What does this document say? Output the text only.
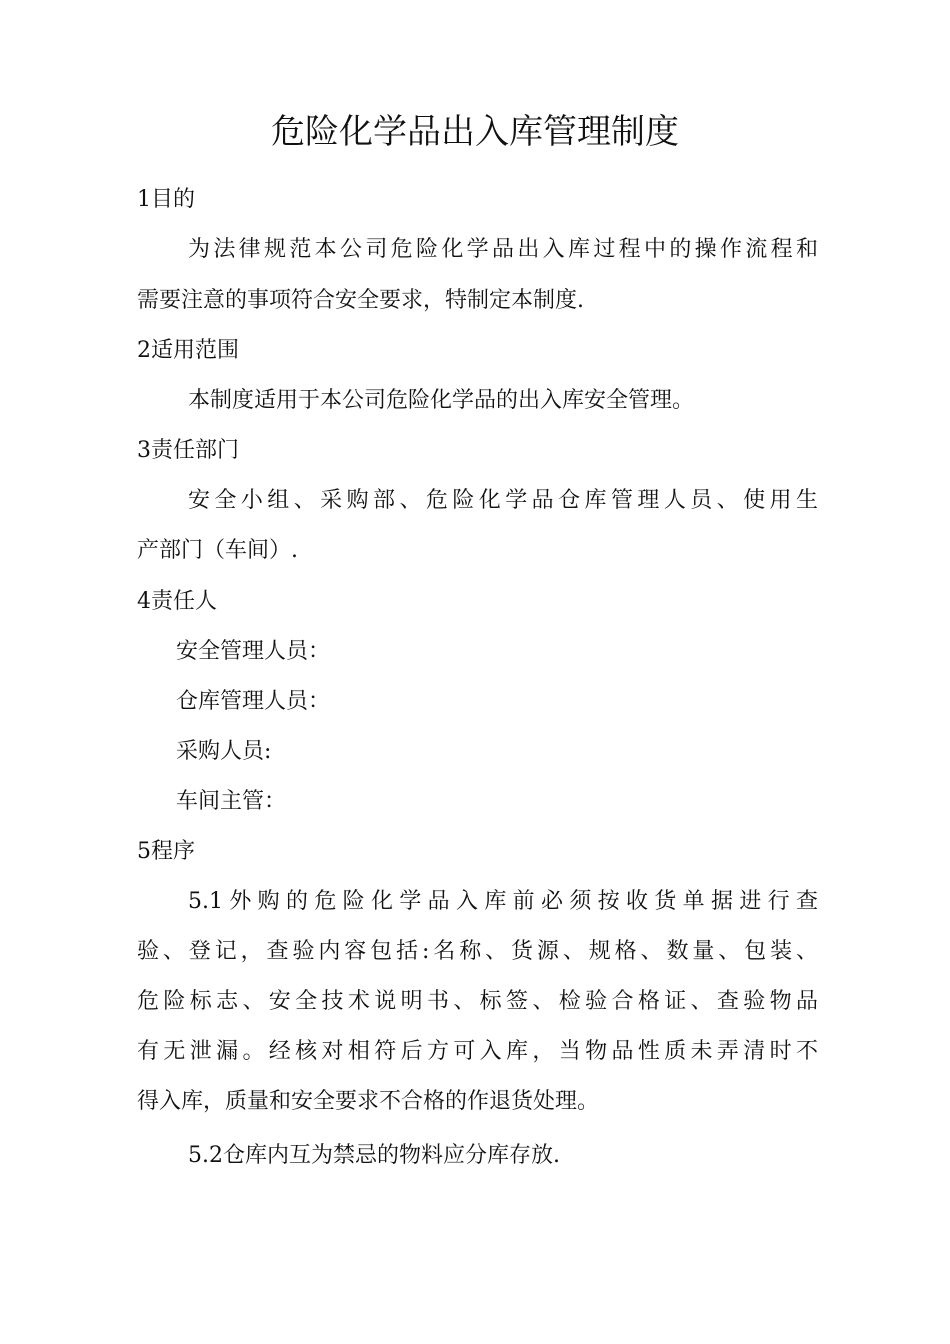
危险化学品出入库管理制度
1目的
为法律规范本公司危险化学品出入库过程中的操作流程和
需要注意的事项符合安全要求，特制定本制度.
2适用范围
本制度适用于本公司危险化学品的出入库安全管理。
3责任部门
安全小组、采购部、危险化学品仓库管理人员、使用生
产部门（车间）.
4责任人
安全管理人员：
仓库管理人员：
采购人员:
车间主管：
5程序
5.1外购的危险化学品入库前必须按收货单据进行查
验、登记，查验内容包括:名称、货源、规格、数量、包装、
危险标志、安全技术说明书、标签、检验合格证、查验物品
有无泄漏。经核对相符后方可入库，当物品性质未弄清时不
得入库，质量和安全要求不合格的作退货处理。
5.2仓库内互为禁忌的物料应分库存放.
